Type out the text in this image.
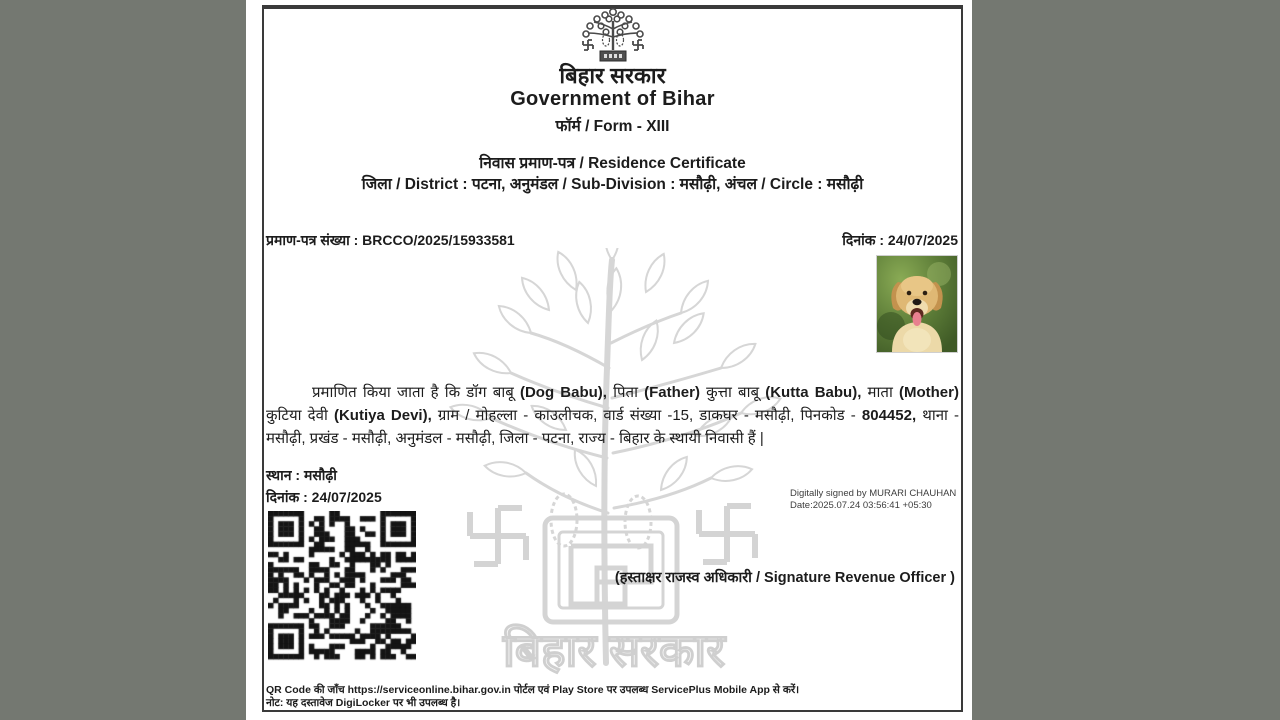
बिहार सरकार
बिहार सरकार
Government of Bihar
फॉर्म / Form - XIII
निवास प्रमाण-पत्र / Residence Certificate
जिला / District : पटना, अनुमंडल / Sub-Division : मसौढ़ी, अंचल / Circle : मसौढ़ी
प्रमाण-पत्र संख्या : BRCCO/2025/15933581	दिनांक : 24/07/2025

प्रमाणित किया जाता है कि डॉग बाबू (Dog Babu), पिता (Father) कुत्ता बाबू (Kutta Babu), माता (Mother) कुटिया देवी (Kutiya Devi), ग्राम / मोहल्ला - काउलीचक, वार्ड संख्या -15, डाकघर - मसौढ़ी, पिनकोड - 804452, थाना - मसौढ़ी, प्रखंड - मसौढ़ी, अनुमंडल - मसौढ़ी, जिला - पटना, राज्य - बिहार के स्थायी निवासी हैं |

स्थान : मसौढ़ी
दिनांक : 24/07/2025	Digitally signed by MURARI CHAUHAN
Date:2025.07.24 03:56:41 +05:30
(हस्ताक्षर राजस्व अधिकारी / Signature Revenue Officer )
QR Code की जाँच https://serviceonline.bihar.gov.in पोर्टल एवं Play Store पर उपलब्ध ServicePlus Mobile App से करें।
नोट: यह दस्तावेज DigiLocker पर भी उपलब्ध है।
